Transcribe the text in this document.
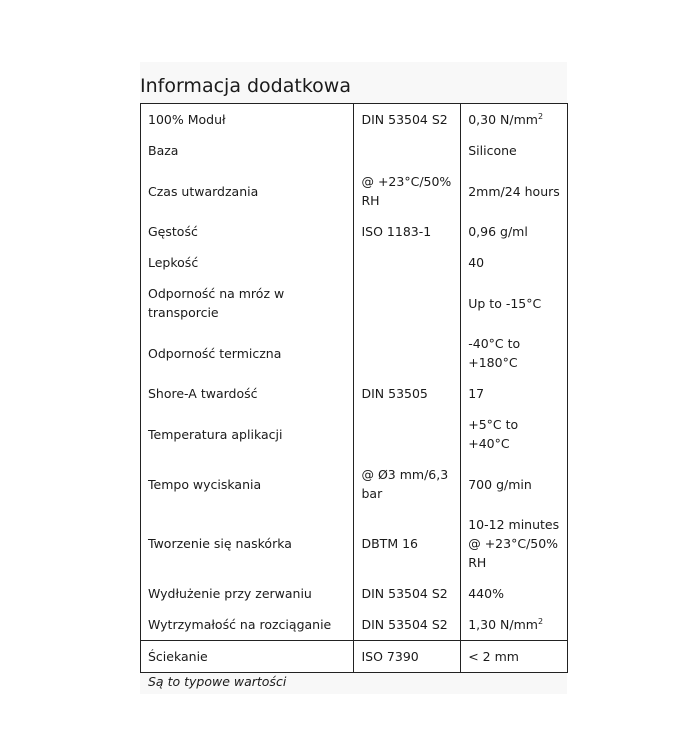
Informacja dodatkowa
100% Moduł	DIN 53504 S2	0,30 $N/mm^2$
Baza		Silicone
Czas utwardzania	@ +23°C/50% RH	2mm/24 hours
Gęstość	ISO 1183-1	0,96 g/ml
Lepkość		40
Odporność na mróz w transporcie		Up to -15°C
Odporność termiczna		-40°C to +180°C
Shore-A twardość	DIN 53505	17
Temperatura aplikacji		+5°C to +40°C
Tempo wyciskania	@ Ø3 mm/6,3 bar	700 g/min
Tworzenie się naskórka	DBTM 16	10-12 minutes @ +23°C/50% RH
Wydłużenie przy zerwaniu	DIN 53504 S2	440%
Wytrzymałość na rozciąganie	DIN 53504 S2	1,30 $N/mm^2$
Ściekanie	ISO 7390	< 2 mm
Są to typowe wartości
